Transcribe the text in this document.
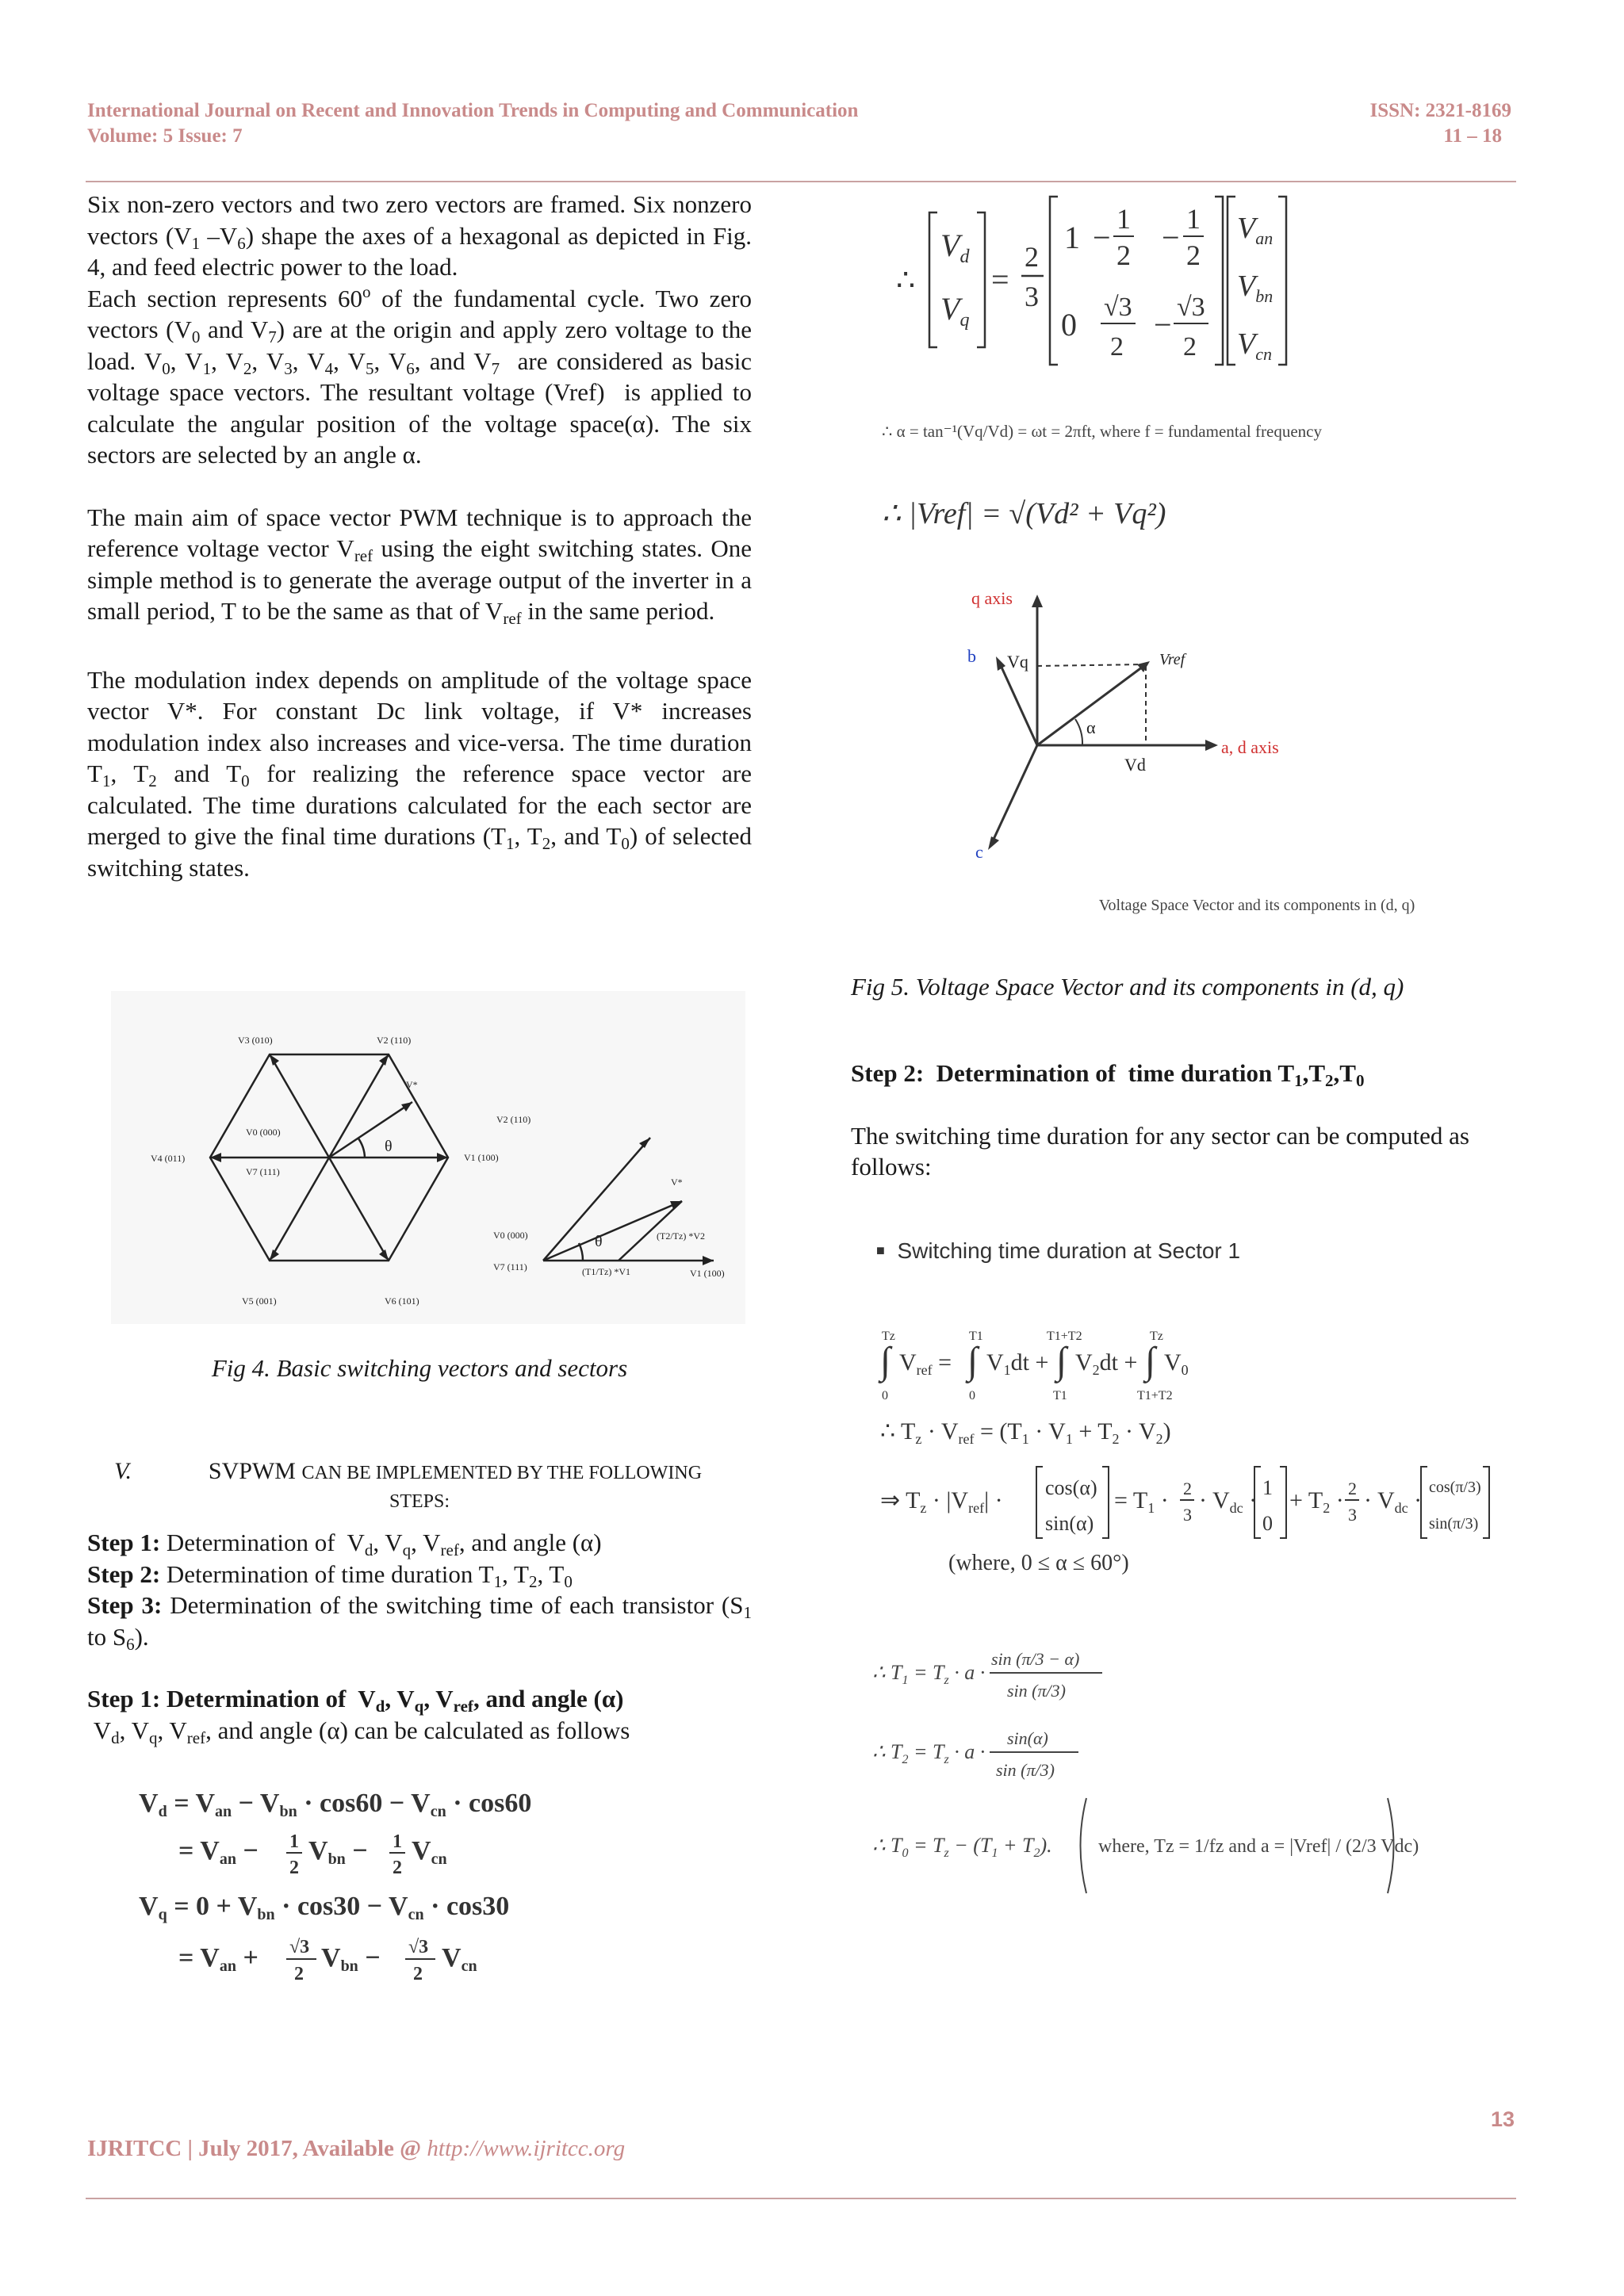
International Journal on Recent and Innovation Trends in Computing and Communication
Volume: 5 Issue: 7
ISSN: 2321-8169
11 – 18

Six non-zero vectors and two zero vectors are framed. Six nonzero vectors ($V_1$ $-V_6$) shape the axes of a hexagonal as depicted in Fig. 4, and feed electric power to the load.

Each section represents 60$^o$ of the fundamental cycle. Two zero vectors ($V_0$ and $V_7$) are at the origin and apply zero voltage to the load. $V_0$, $V_1$, $V_2$, $V_3$, $V_4$, $V_5$, $V_6$, and $V_7$  are considered as basic voltage space vectors. The resultant voltage (Vref)  is applied to calculate the angular position of the voltage space(α). The six sectors are selected by an angle α.

The main aim of space vector PWM technique is to approach the reference voltage vector $V_{ref}$ using the eight switching states. One simple method is to generate the average output of the inverter in a small period, T to be the same as that of $V_{ref}$ in the same period.

The modulation index depends on amplitude of the voltage space vector V*. For constant Dc link voltage, if V* increases modulation index also increases and vice-versa. The time duration $T_1$, $T_2$ and $T_0$ for realizing the reference space vector are calculated. The time durations calculated for the each sector are merged to give the final time durations ($T_1$, $T_2$, and $T_0$) of selected switching states.

V3 (010)	V2 (110)
V4 (011)	V1 (100)
V5 (001)	V6 (101)
V0 (000)
V7 (111)
V*
V2 (110)
V*
V0 (000)
V7 (111)
(T2/Tz) *V2
(T1/Tz) *V1	V1 (100)
θ
θ
Fig 4. Basic switching vectors and sectors
V.	SVPWM CAN BE IMPLEMENTED BY THE FOLLOWING
STEPS:

Step 1: Determination of  $V_d$, $V_q$, $V_{ref}$, and angle (α)

Step 2: Determination of time duration $T_1$, $T_2$, $T_0$

Step 3: Determination of the switching time of each transistor ($S_1$ to $S_6$).

Step 1: Determination of  $V_d$, $V_q$, $V_{ref}$, and angle (α)

$V_d$, $V_q$, $V_{ref}$, and angle (α) can be calculated as follows

Vd = Van − Vbn · cos60 − Vcn · cos60
= Van − 1
2
Vbn − 1
2
Vcn
Vq = 0 + Vbn · cos30 − Vcn · cos30
= Van + √3
2
Vbn − √3
2
Vcn
∴
$V_d$
$V_q$
=
2
3
1
0
−
1
2 −
1
2
√3
2
− √3
2
$V_{an}$
$V_{bn}$
$V_{cn}$
∴ α = tan⁻¹(Vq/Vd) = ωt = 2πft, where f = fundamental frequency
∴ |Vref| = √(Vd² + Vq²)
q axis
a, d axis
b
c
Vq
Vd
Vref
α
Voltage Space Vector and its components in (d, q)
Fig 5. Voltage Space Vector and its components in (d, q)

Step 2:  Determination of  time duration $T_1,T_2,T_0$

The switching time duration for any sector can be computed as follows:

■ Switching time duration at Sector 1
∫
Tz
0
$V_{ref}$ = ∫
T1
0
$V_1dt$ + ∫
T1+T2
T1
$V_2dt$ + ∫
Tz
T1+T2
$V_0$
∴ $T_z \cdot V_{ref} = (T_1 \cdot V_1 + T_2 \cdot V_2)$
⇒ $T_z \cdot |V_{ref}| \cdot \cos(\alpha)$
sin(α)
= $T_1 \cdot 2$
3
· $V_{dc} \cdot 1$
0
+ $T_2 \cdot 2$
3
· $V_{dc} \cdot \cos(\pi/3)$
sin(π/3)
(where, 0 ≤ α ≤ 60°)
∴ $T_1 = T_z \cdot a$ ·
sin (π/3 − α)
sin (π/3)
∴ $T_2 = T_z \cdot a$ ·
sin(α)
sin (π/3)
∴ $T_0 = T_z - (T_1 + T_2)$. where, Tz = 1/fz and a = |Vref| / (2/3 Vdc)
13
IJRITCC | July 2017, Available @ http://www.ijritcc.org
